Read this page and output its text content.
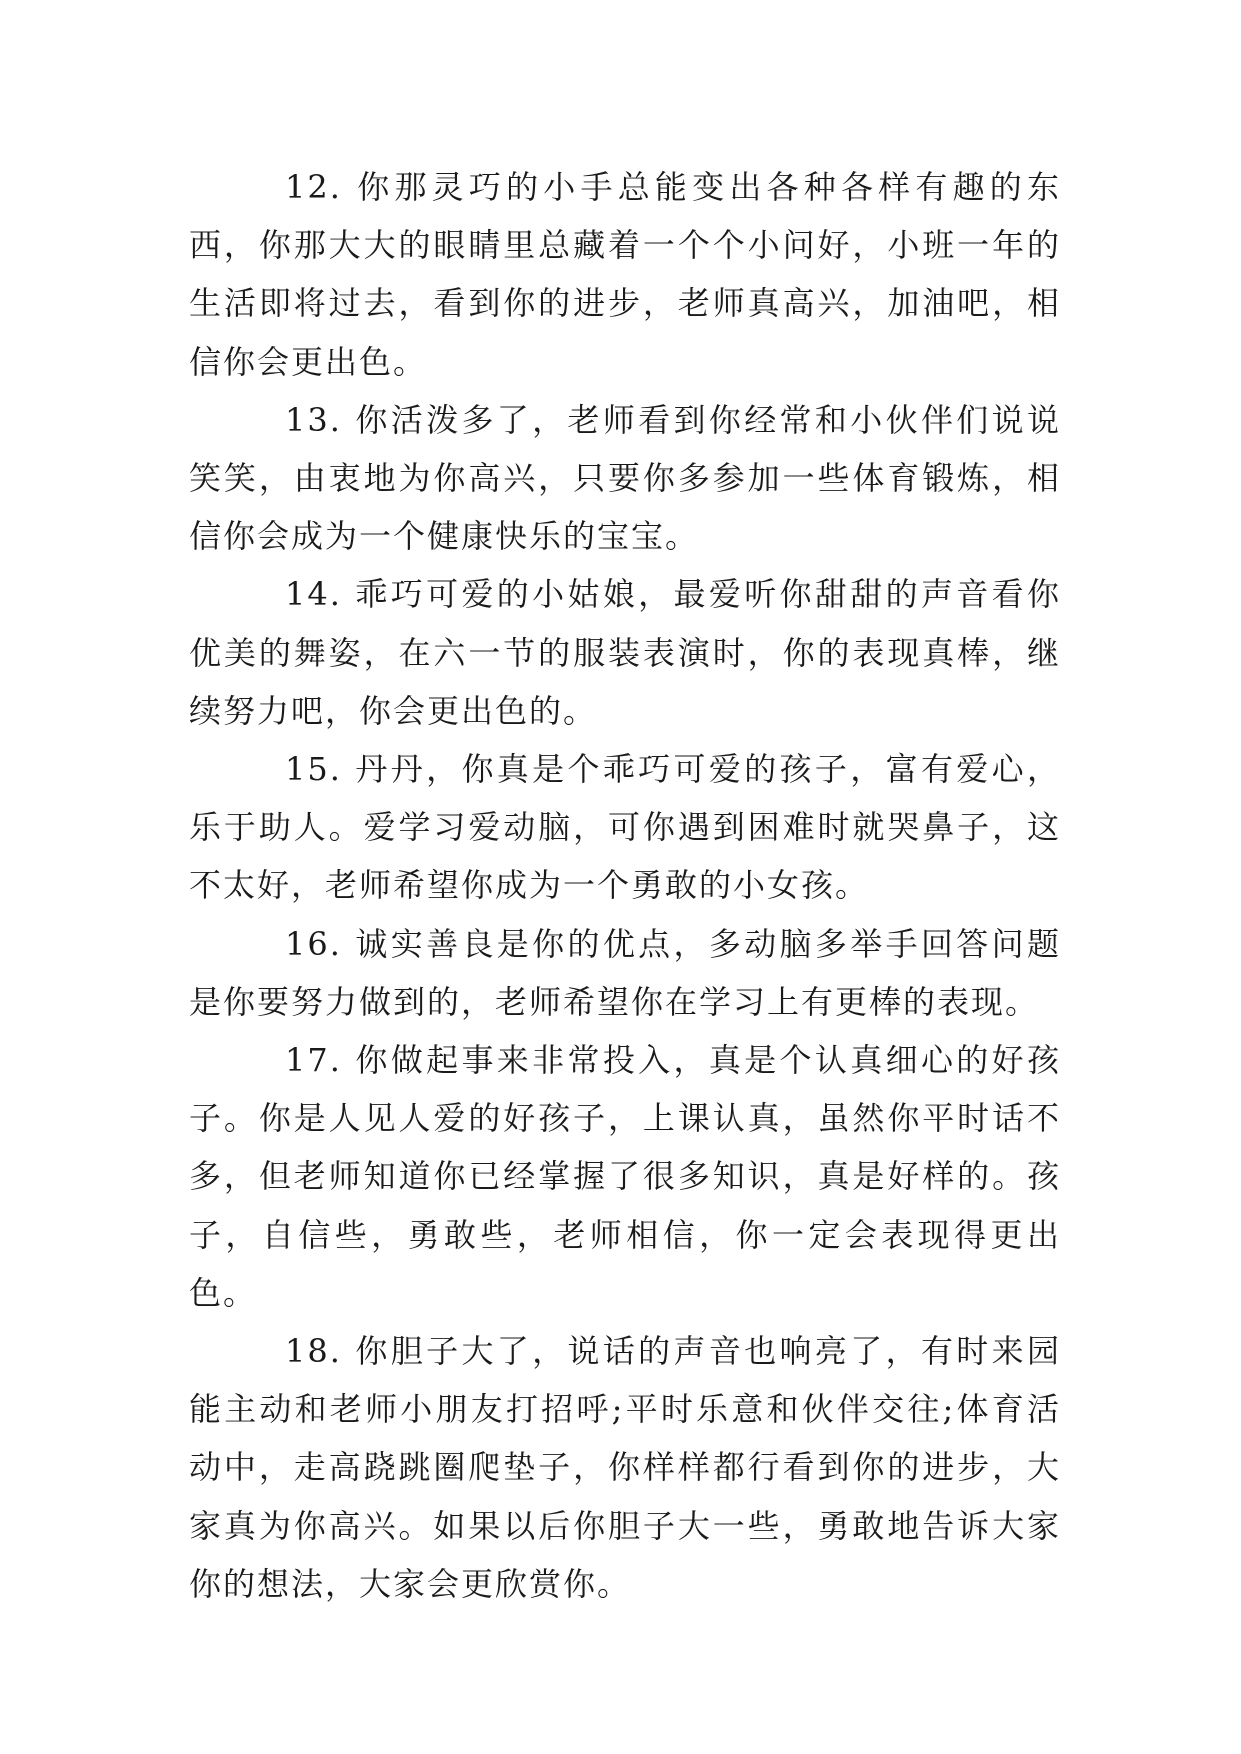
12. 你那灵巧的小手总能变出各种各样有趣的东西，你那大大的眼睛里总藏着一个个小问好，小班一年的生活即将过去，看到你的进步，老师真高兴，加油吧，相信你会更出色。

13. 你活泼多了，老师看到你经常和小伙伴们说说笑笑，由衷地为你高兴，只要你多参加一些体育锻炼，相信你会成为一个健康快乐的宝宝。

14. 乖巧可爱的小姑娘，最爱听你甜甜的声音看你优美的舞姿，在六一节的服装表演时，你的表现真棒，继续努力吧，你会更出色的。

15. 丹丹，你真是个乖巧可爱的孩子，富有爱心，乐于助人。爱学习爱动脑，可你遇到困难时就哭鼻子，这不太好，老师希望你成为一个勇敢的小女孩。

16. 诚实善良是你的优点，多动脑多举手回答问题是你要努力做到的，老师希望你在学习上有更棒的表现。

17. 你做起事来非常投入，真是个认真细心的好孩子。你是人见人爱的好孩子，上课认真，虽然你平时话不多，但老师知道你已经掌握了很多知识，真是好样的。孩子，自信些，勇敢些，老师相信，你一定会表现得更出色。

18. 你胆子大了，说话的声音也响亮了，有时来园能主动和老师小朋友打招呼;平时乐意和伙伴交往;体育活动中，走高跷跳圈爬垫子，你样样都行看到你的进步，大家真为你高兴。如果以后你胆子大一些，勇敢地告诉大家你的想法，大家会更欣赏你。
